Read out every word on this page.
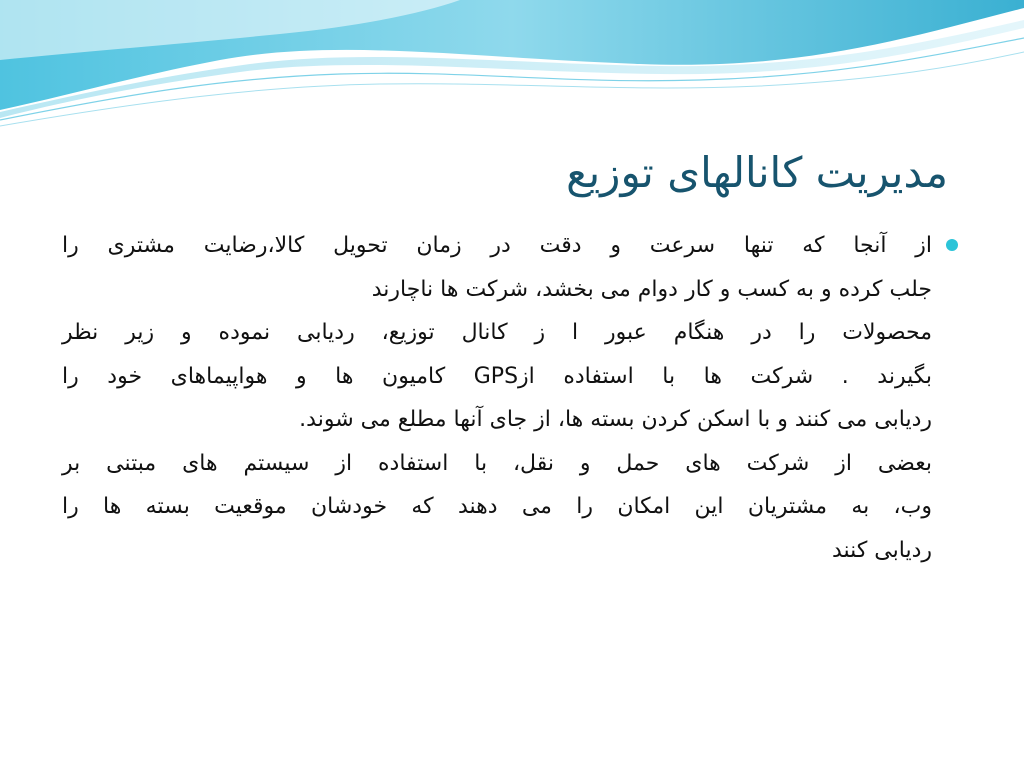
مدیریت کانالهای توزیع
از آنجا که تنها سرعت و دقت در زمان تحویل کالا،رضایت مشتری را
جلب کرده و به کسب و کار دوام می بخشد، شرکت ها ناچارند
محصولات را در هنگام عبور ا ز کانال توزیع، ردیابی نموده و زیر نظر
بگیرند . شرکت ها با استفاده ازGPS کامیون ها و هواپیماهای خود را
ردیابی می کنند و با اسکن کردن بسته ها، از جای آنها مطلع می شوند.
بعضی از شرکت های حمل و نقل، با استفاده از سیستم های مبتنی بر
وب، به مشتریان این امکان را می دهند که خودشان موقعیت بسته ها را
ردیابی کنند
